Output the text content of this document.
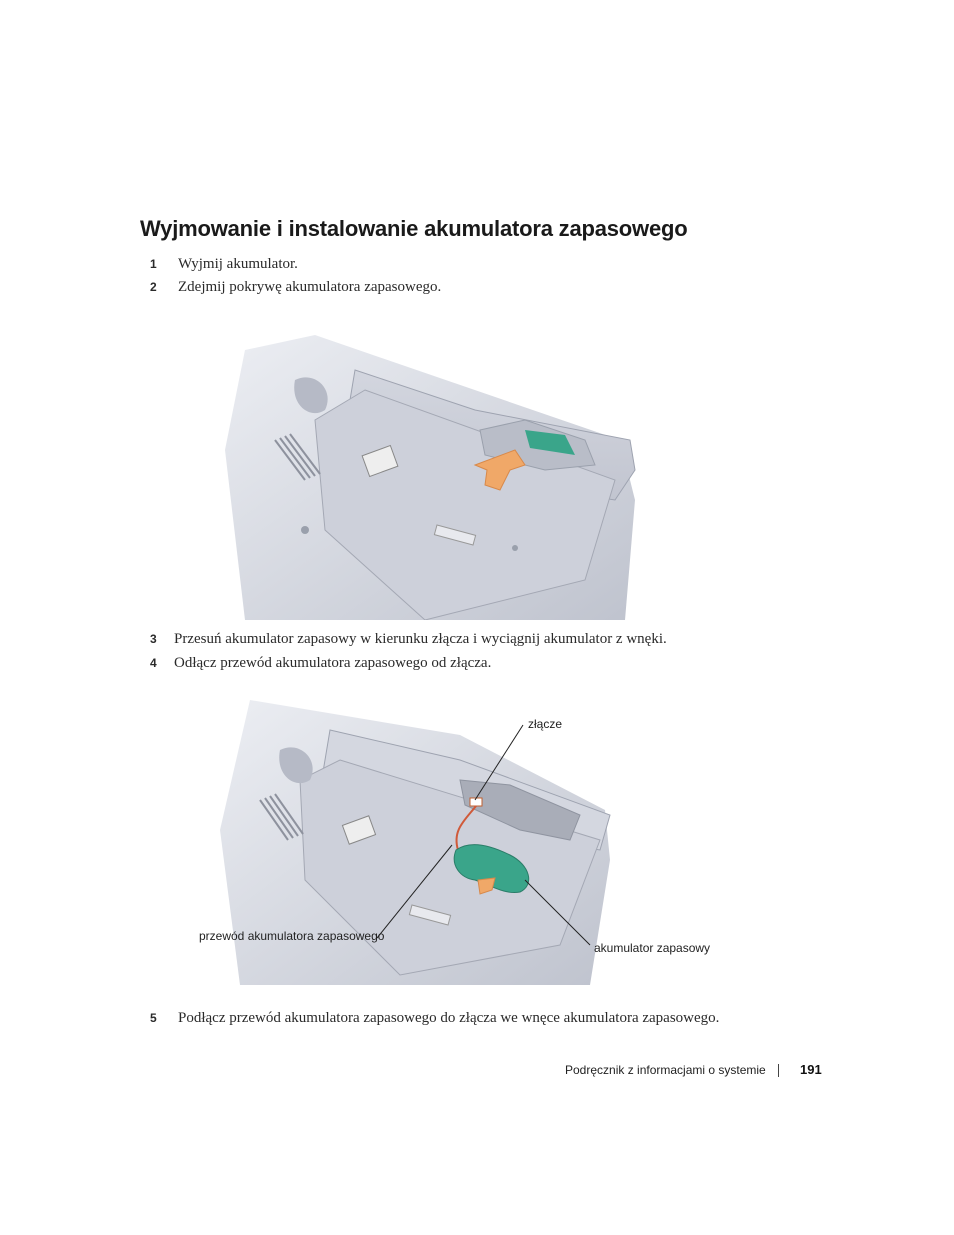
Wyjmowanie i instalowanie akumulatora zapasowego
1 Wyjmij akumulator.
2 Zdejmij pokrywę akumulatora zapasowego.
3 Przesuń akumulator zapasowy w kierunku złącza i wyciągnij akumulator z wnęki.
4 Odłącz przewód akumulatora zapasowego od złącza.
złącze
przewód akumulatora zapasowego
akumulator zapasowy
5 Podłącz przewód akumulatora zapasowego do złącza we wnęce akumulatora zapasowego.
Podręcznik z informacjami o systemie	191
